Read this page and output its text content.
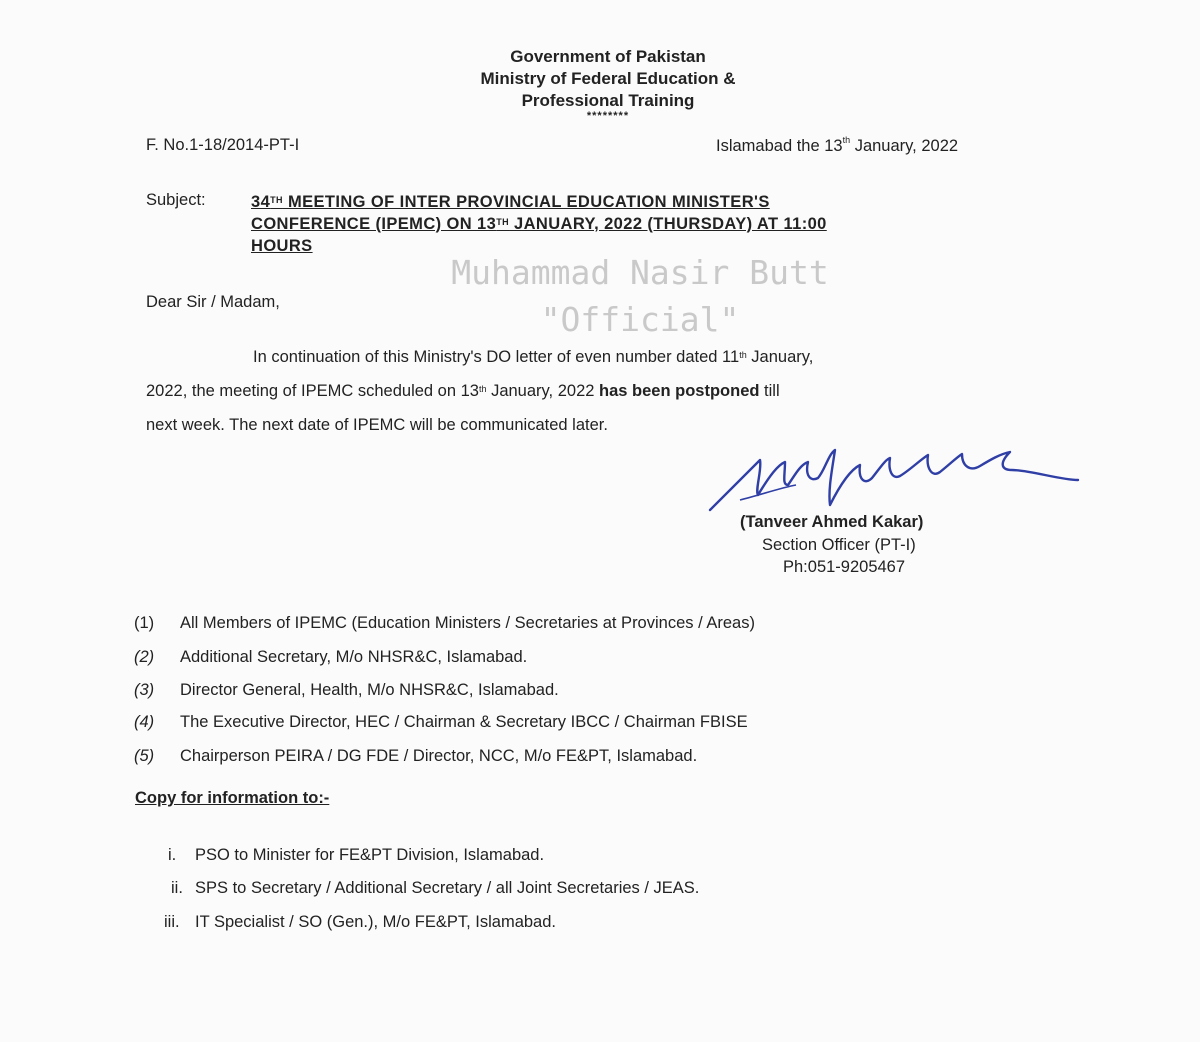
Government of Pakistan
Ministry of Federal Education &
Professional Training
********
F. No.1-18/2014-PT-I	Islamabad the 13th January, 2022
Subject:	34TH MEETING OF INTER PROVINCIAL EDUCATION MINISTER'S
CONFERENCE (IPEMC) ON 13TH JANUARY, 2022 (THURSDAY) AT 11:00
HOURS
Muhammad Nasir Butt
"Official"
Dear Sir / Madam,
In continuation of this Ministry's DO letter of even number dated 11th January,
2022, the meeting of IPEMC scheduled on 13th January, 2022 has been postponed till
next week. The next date of IPEMC will be communicated later.
(Tanveer Ahmed Kakar)
Section Officer (PT-I)
Ph:051-9205467
(1) All Members of IPEMC (Education Ministers / Secretaries at Provinces / Areas)
(2) Additional Secretary, M/o NHSR&C, Islamabad.
(3) Director General, Health, M/o NHSR&C, Islamabad.
(4) The Executive Director, HEC / Chairman & Secretary IBCC / Chairman FBISE
(5) Chairperson PEIRA / DG FDE / Director, NCC, M/o FE&PT, Islamabad.
Copy for information to:-
i. PSO to Minister for FE&PT Division, Islamabad.
ii. SPS to Secretary / Additional Secretary / all Joint Secretaries / JEAS.
iii. IT Specialist / SO (Gen.), M/o FE&PT, Islamabad.
